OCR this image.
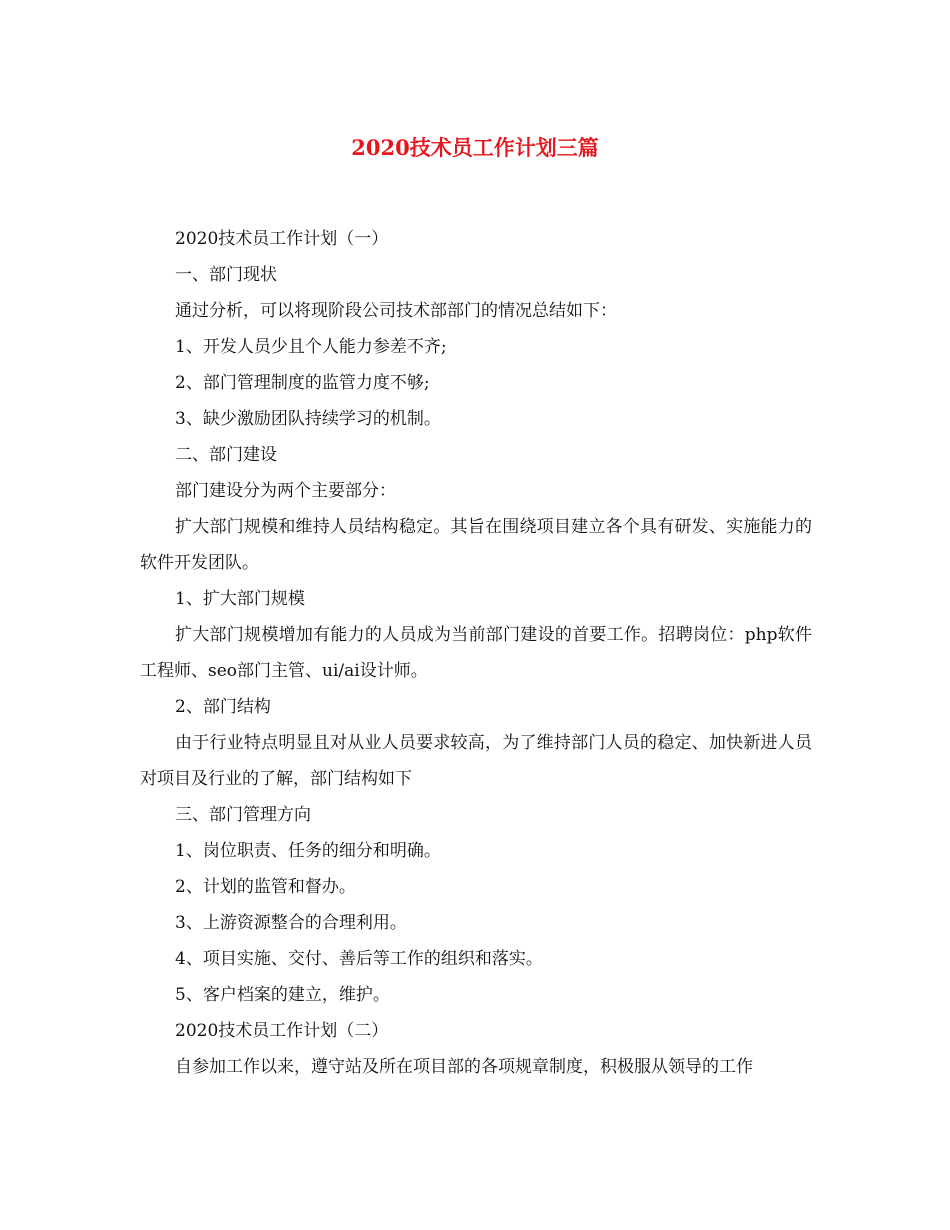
2020技术员工作计划三篇

2020技术员工作计划（一）

一、部门现状

通过分析，可以将现阶段公司技术部部门的情况总结如下：

1、开发人员少且个人能力参差不齐;

2、部门管理制度的监管力度不够;

3、缺少激励团队持续学习的机制。

二、部门建设

部门建设分为两个主要部分：

扩大部门规模和维持人员结构稳定。其旨在围绕项目建立各个具有研发、实施能力的软件开发团队。

1、扩大部门规模

扩大部门规模增加有能力的人员成为当前部门建设的首要工作。招聘岗位：php软件工程师、seo部门主管、ui/ai设计师。

2、部门结构

由于行业特点明显且对从业人员要求较高，为了维持部门人员的稳定、加快新进人员对项目及行业的了解，部门结构如下

三、部门管理方向

1、岗位职责、任务的细分和明确。

2、计划的监管和督办。

3、上游资源整合的合理利用。

4、项目实施、交付、善后等工作的组织和落实。

5、客户档案的建立，维护。

2020技术员工作计划（二）

自参加工作以来，遵守站及所在项目部的各项规章制度，积极服从领导的工作
